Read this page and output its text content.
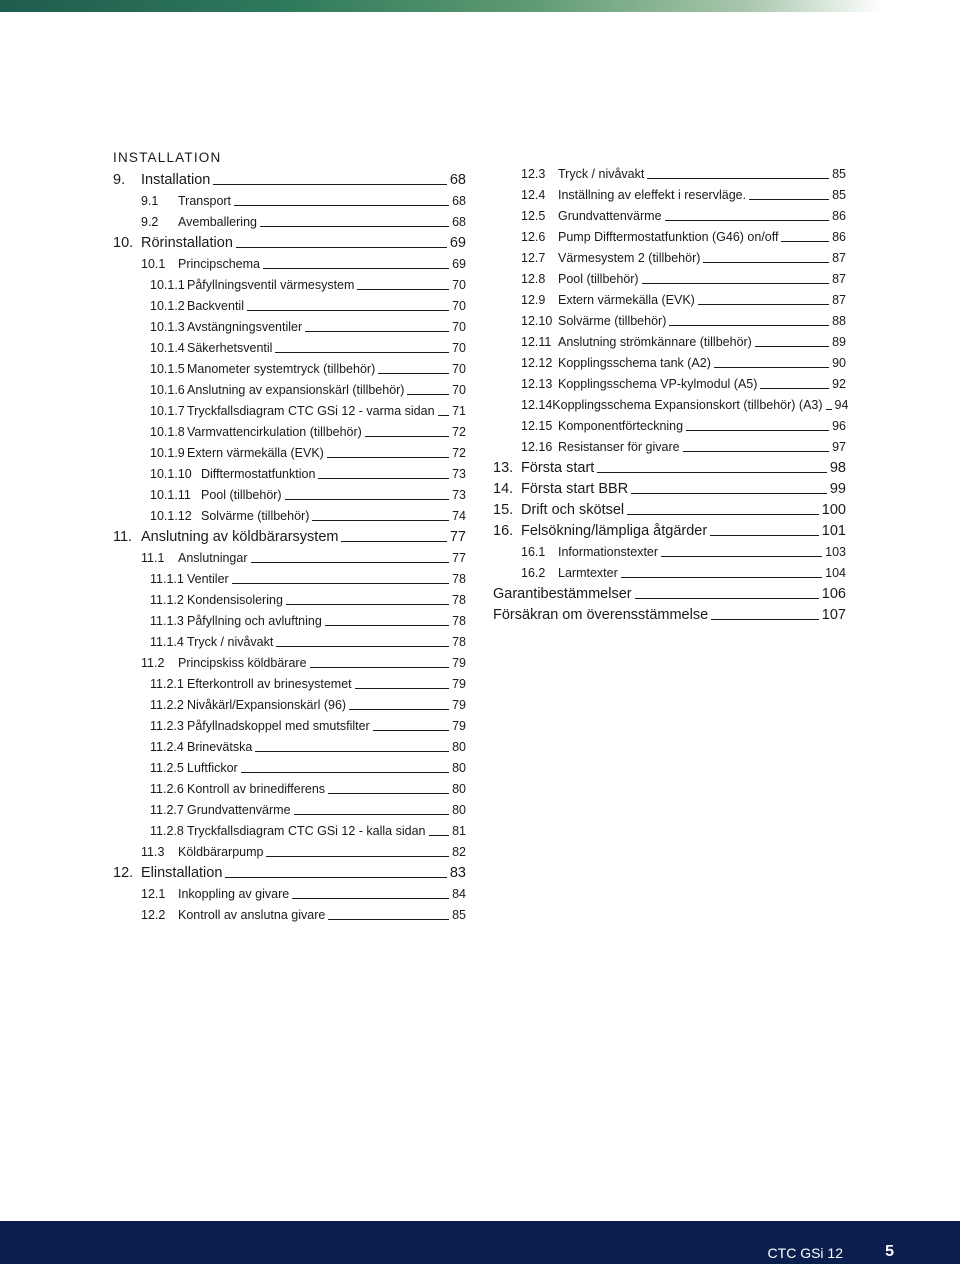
INSTALLATION
9.	Installation	68
9.1	Transport	68
9.2	Avemballering	68
10. Rörinstallation	69
10.1	Principschema	69
10.1.1 Påfyllningsventil värmesystem	70
10.1.2 Backventil	70
10.1.3 Avstängningsventiler	70
10.1.4 Säkerhetsventil	70
10.1.5 Manometer systemtryck (tillbehör)	70
10.1.6 Anslutning av expansionskärl (tillbehör)	70
10.1.7 Tryckfallsdiagram CTC GSi 12 - varma sidan 71
10.1.8 Varmvattencirkulation (tillbehör)	72
10.1.9 Extern värmekälla (EVK)	72
10.1.10 Difftermostatfunktion	73
10.1.11 Pool (tillbehör)	73
10.1.12 Solvärme (tillbehör)	74
11. Anslutning av köldbärarsystem	77
11.1	Anslutningar	77
11.1.1 Ventiler	78
11.1.2 Kondensisolering	78
11.1.3 Påfyllning och avluftning	78
11.1.4 Tryck / nivåvakt	78
11.2	Principskiss köldbärare	79
11.2.1 Efterkontroll av brinesystemet	79
11.2.2 Nivåkärl/Expansionskärl (96)	79
11.2.3 Påfyllnadskoppel med smutsfilter	79
11.2.4 Brinevätska	80
11.2.5 Luftfickor	80
11.2.6 Kontroll av brinedifferens	80
11.2.7 Grundvattenvärme	80
11.2.8 Tryckfallsdiagram CTC GSi 12 - kalla sidan 81
11.3	Köldbärarpump	82
12. Elinstallation	83
12.1	Inkoppling av givare	84
12.2	Kontroll av anslutna givare	85
12.3	Tryck / nivåvakt	85
12.4	Inställning av eleffekt i reservläge.	85
12.5	Grundvattenvärme	86
12.6	Pump Difftermostatfunktion (G46) on/off	86
12.7	Värmesystem 2 (tillbehör)	87
12.8	Pool (tillbehör)	87
12.9	Extern värmekälla (EVK)	87
12.10 Solvärme (tillbehör)	88
12.11 Anslutning strömkännare (tillbehör)	89
12.12 Kopplingsschema tank (A2)	90
12.13 Kopplingsschema VP-kylmodul (A5)	92
12.14 Kopplingsschema Expansionskort (tillbehör) (A3) 94
12.15 Komponentförteckning	96
12.16 Resistanser för givare	97
13. Första start	98
14. Första start BBR	99
15. Drift och skötsel	100
16. Felsökning/lämpliga åtgärder	101
16.1	Informationstexter	103
16.2	Larmtexter	104
Garantibestämmelser	106
Försäkran om överensstämmelse	107
CTC GSi 12	5
